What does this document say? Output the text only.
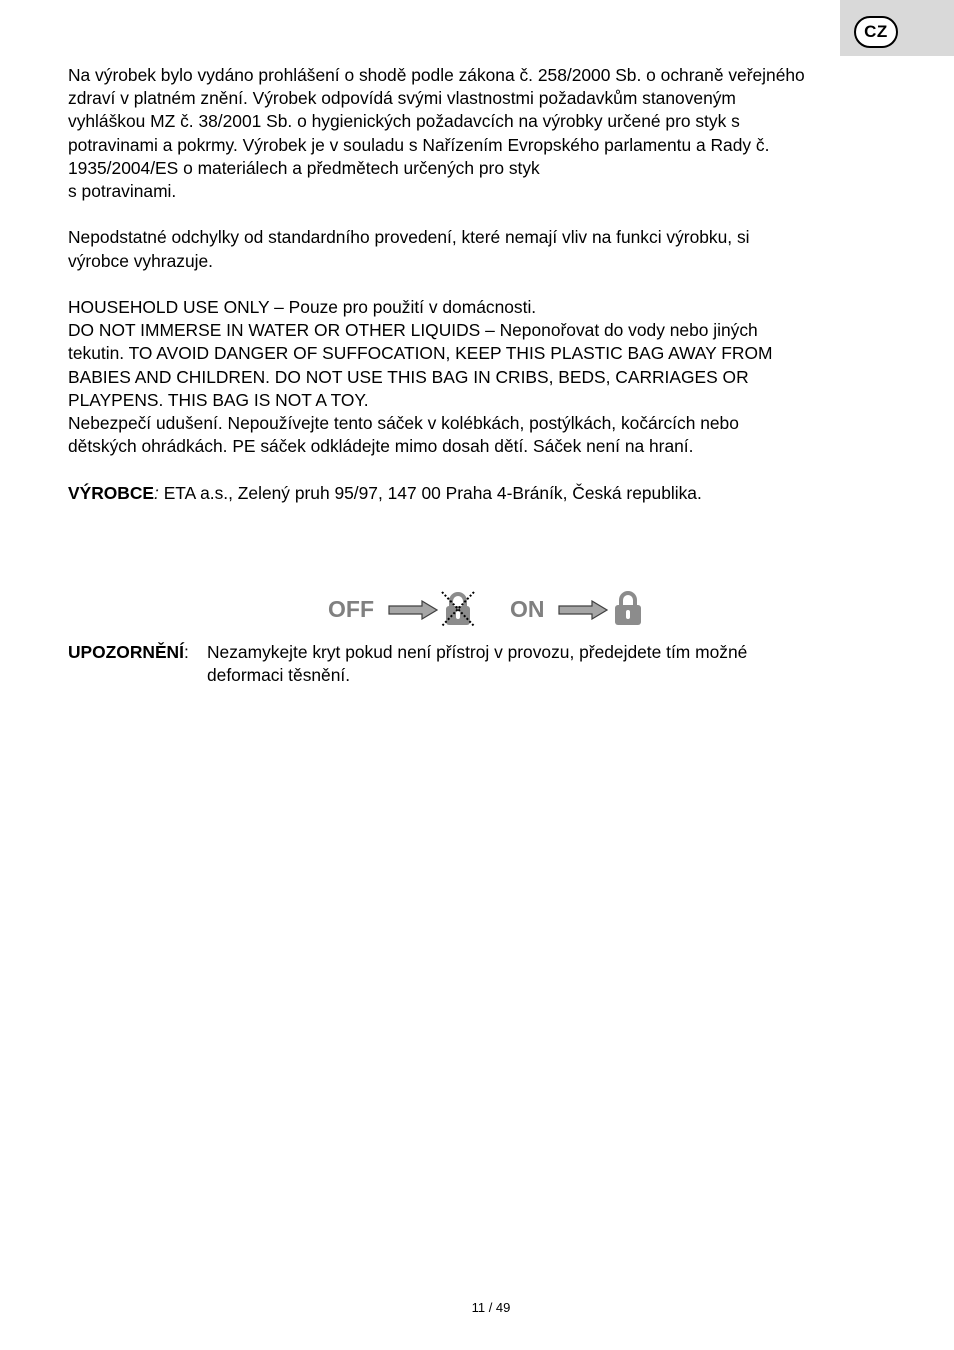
CZ

Na výrobek bylo vydáno prohlášení o shodě podle zákona č. 258/2000 Sb. o ochraně veřejného
zdraví v platném znění. Výrobek odpovídá svými vlastnostmi požadavkům stanoveným
vyhláškou MZ č. 38/2001 Sb. o hygienických požadavcích na výrobky určené pro styk s
potravinami a pokrmy. Výrobek je v souladu s Nařízením Evropského parlamentu a Rady č.
1935/2004/ES o materiálech a předmětech určených pro styk
s potravinami.

Nepodstatné odchylky od standardního provedení, které nemají vliv na funkci výrobku, si
výrobce vyhrazuje.

HOUSEHOLD USE ONLY – Pouze pro použití v domácnosti.
DO NOT IMMERSE IN WATER OR OTHER LIQUIDS – Neponořovat do vody nebo jiných
tekutin. TO AVOID DANGER OF SUFFOCATION, KEEP THIS PLASTIC BAG AWAY FROM
BABIES AND CHILDREN. DO NOT USE THIS BAG IN CRIBS, BEDS, CARRIAGES OR
PLAYPENS. THIS BAG IS NOT A TOY.
Nebezpečí udušení. Nepoužívejte tento sáček v kolébkách, postýlkách, kočárcích nebo
dětských ohrádkách. PE sáček odkládejte mimo dosah dětí. Sáček není na hraní.

VÝROBCE: ETA a.s., Zelený pruh 95/97, 147 00 Praha 4-Bráník, Česká republika.

OFF	ON
UPOZORNĚNÍ: Nezamykejte kryt pokud není přístroj v provozu, předejdete tím možné
deformaci těsnění.
11 / 49
